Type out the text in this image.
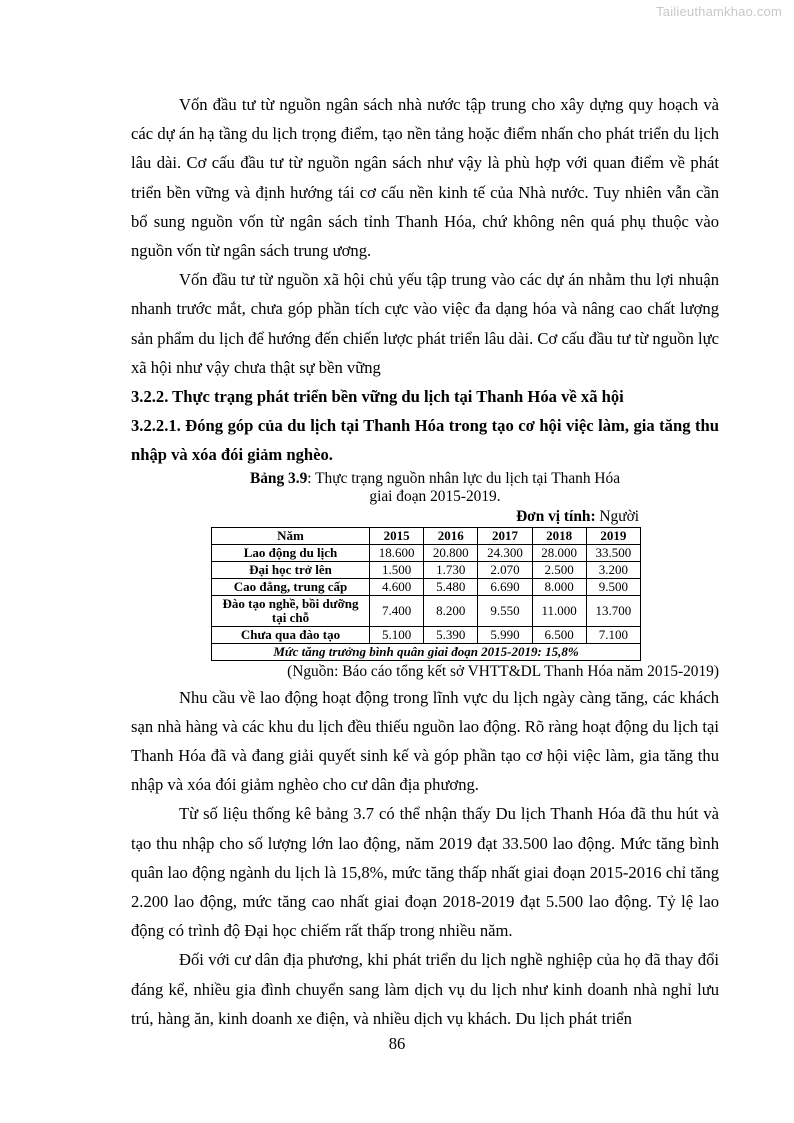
Tailieuthamkhao.com

Vốn đầu tư từ nguồn ngân sách nhà nước tập trung cho xây dựng quy hoạch và các dự án hạ tầng du lịch trọng điểm, tạo nền tảng hoặc điểm nhấn cho phát triển du lịch lâu dài. Cơ cấu đầu tư từ nguồn ngân sách như vậy là phù hợp với quan điểm về phát triển bền vững và định hướng tái cơ cấu nền kinh tế của Nhà nước. Tuy nhiên vẫn cần bổ sung nguồn vốn từ ngân sách tỉnh Thanh Hóa, chứ không nên quá phụ thuộc vào nguồn vốn từ ngân sách trung ương.

Vốn đầu tư từ nguồn xã hội chủ yếu tập trung vào các dự án nhằm thu lợi nhuận nhanh trước mắt, chưa góp phần tích cực vào việc đa dạng hóa và nâng cao chất lượng sản phẩm du lịch để hướng đến chiến lược phát triển lâu dài. Cơ cấu đầu tư từ nguồn lực xã hội như vậy chưa thật sự bền vững

3.2.2. Thực trạng phát triển bền vững du lịch tại Thanh Hóa về xã hội

3.2.2.1. Đóng góp của du lịch tại Thanh Hóa trong tạo cơ hội việc làm, gia tăng thu nhập và xóa đói giảm nghèo.

Bảng 3.9: Thực trạng nguồn nhân lực du lịch tại Thanh Hóa
giai đoạn 2015-2019.

Đơn vị tính: Người

Năm	2015	2016	2017	2018	2019
Lao động du lịch	18.600	20.800	24.300	28.000	33.500
Đại học trở lên	1.500	1.730	2.070	2.500	3.200
Cao đẳng, trung cấp	4.600	5.480	6.690	8.000	9.500
Đào tạo nghề, bồi dưỡng tại chỗ	7.400	8.200	9.550	11.000	13.700
Chưa qua đào tạo	5.100	5.390	5.990	6.500	7.100
Mức tăng trưởng bình quân giai đoạn 2015-2019: 15,8%					

(Nguồn: Báo cáo tổng kết sở VHTT&DL Thanh Hóa năm 2015-2019)

Nhu cầu về lao động hoạt động trong lĩnh vực du lịch ngày càng tăng, các khách sạn nhà hàng và các khu du lịch đều thiếu nguồn lao động. Rõ ràng hoạt động du lịch tại Thanh Hóa đã và đang giải quyết sinh kế và góp phần tạo cơ hội việc làm, gia tăng thu nhập và xóa đói giảm nghèo cho cư dân địa phương.

Từ số liệu thống kê bảng 3.7 có thể nhận thấy Du lịch Thanh Hóa đã thu hút và tạo thu nhập cho số lượng lớn lao động, năm 2019 đạt 33.500 lao động. Mức tăng bình quân lao động ngành du lịch là 15,8%, mức tăng thấp nhất giai đoạn 2015-2016 chỉ tăng 2.200 lao động, mức tăng cao nhất giai đoạn 2018-2019 đạt 5.500 lao động. Tỷ lệ lao động có trình độ Đại học chiếm rất thấp trong nhiều năm.

Đối với cư dân địa phương, khi phát triển du lịch nghề nghiệp của họ đã thay đổi đáng kể, nhiều gia đình chuyển sang làm dịch vụ du lịch như kinh doanh nhà nghỉ lưu trú, hàng ăn, kinh doanh xe điện, và nhiều dịch vụ khách. Du lịch phát triển

86
